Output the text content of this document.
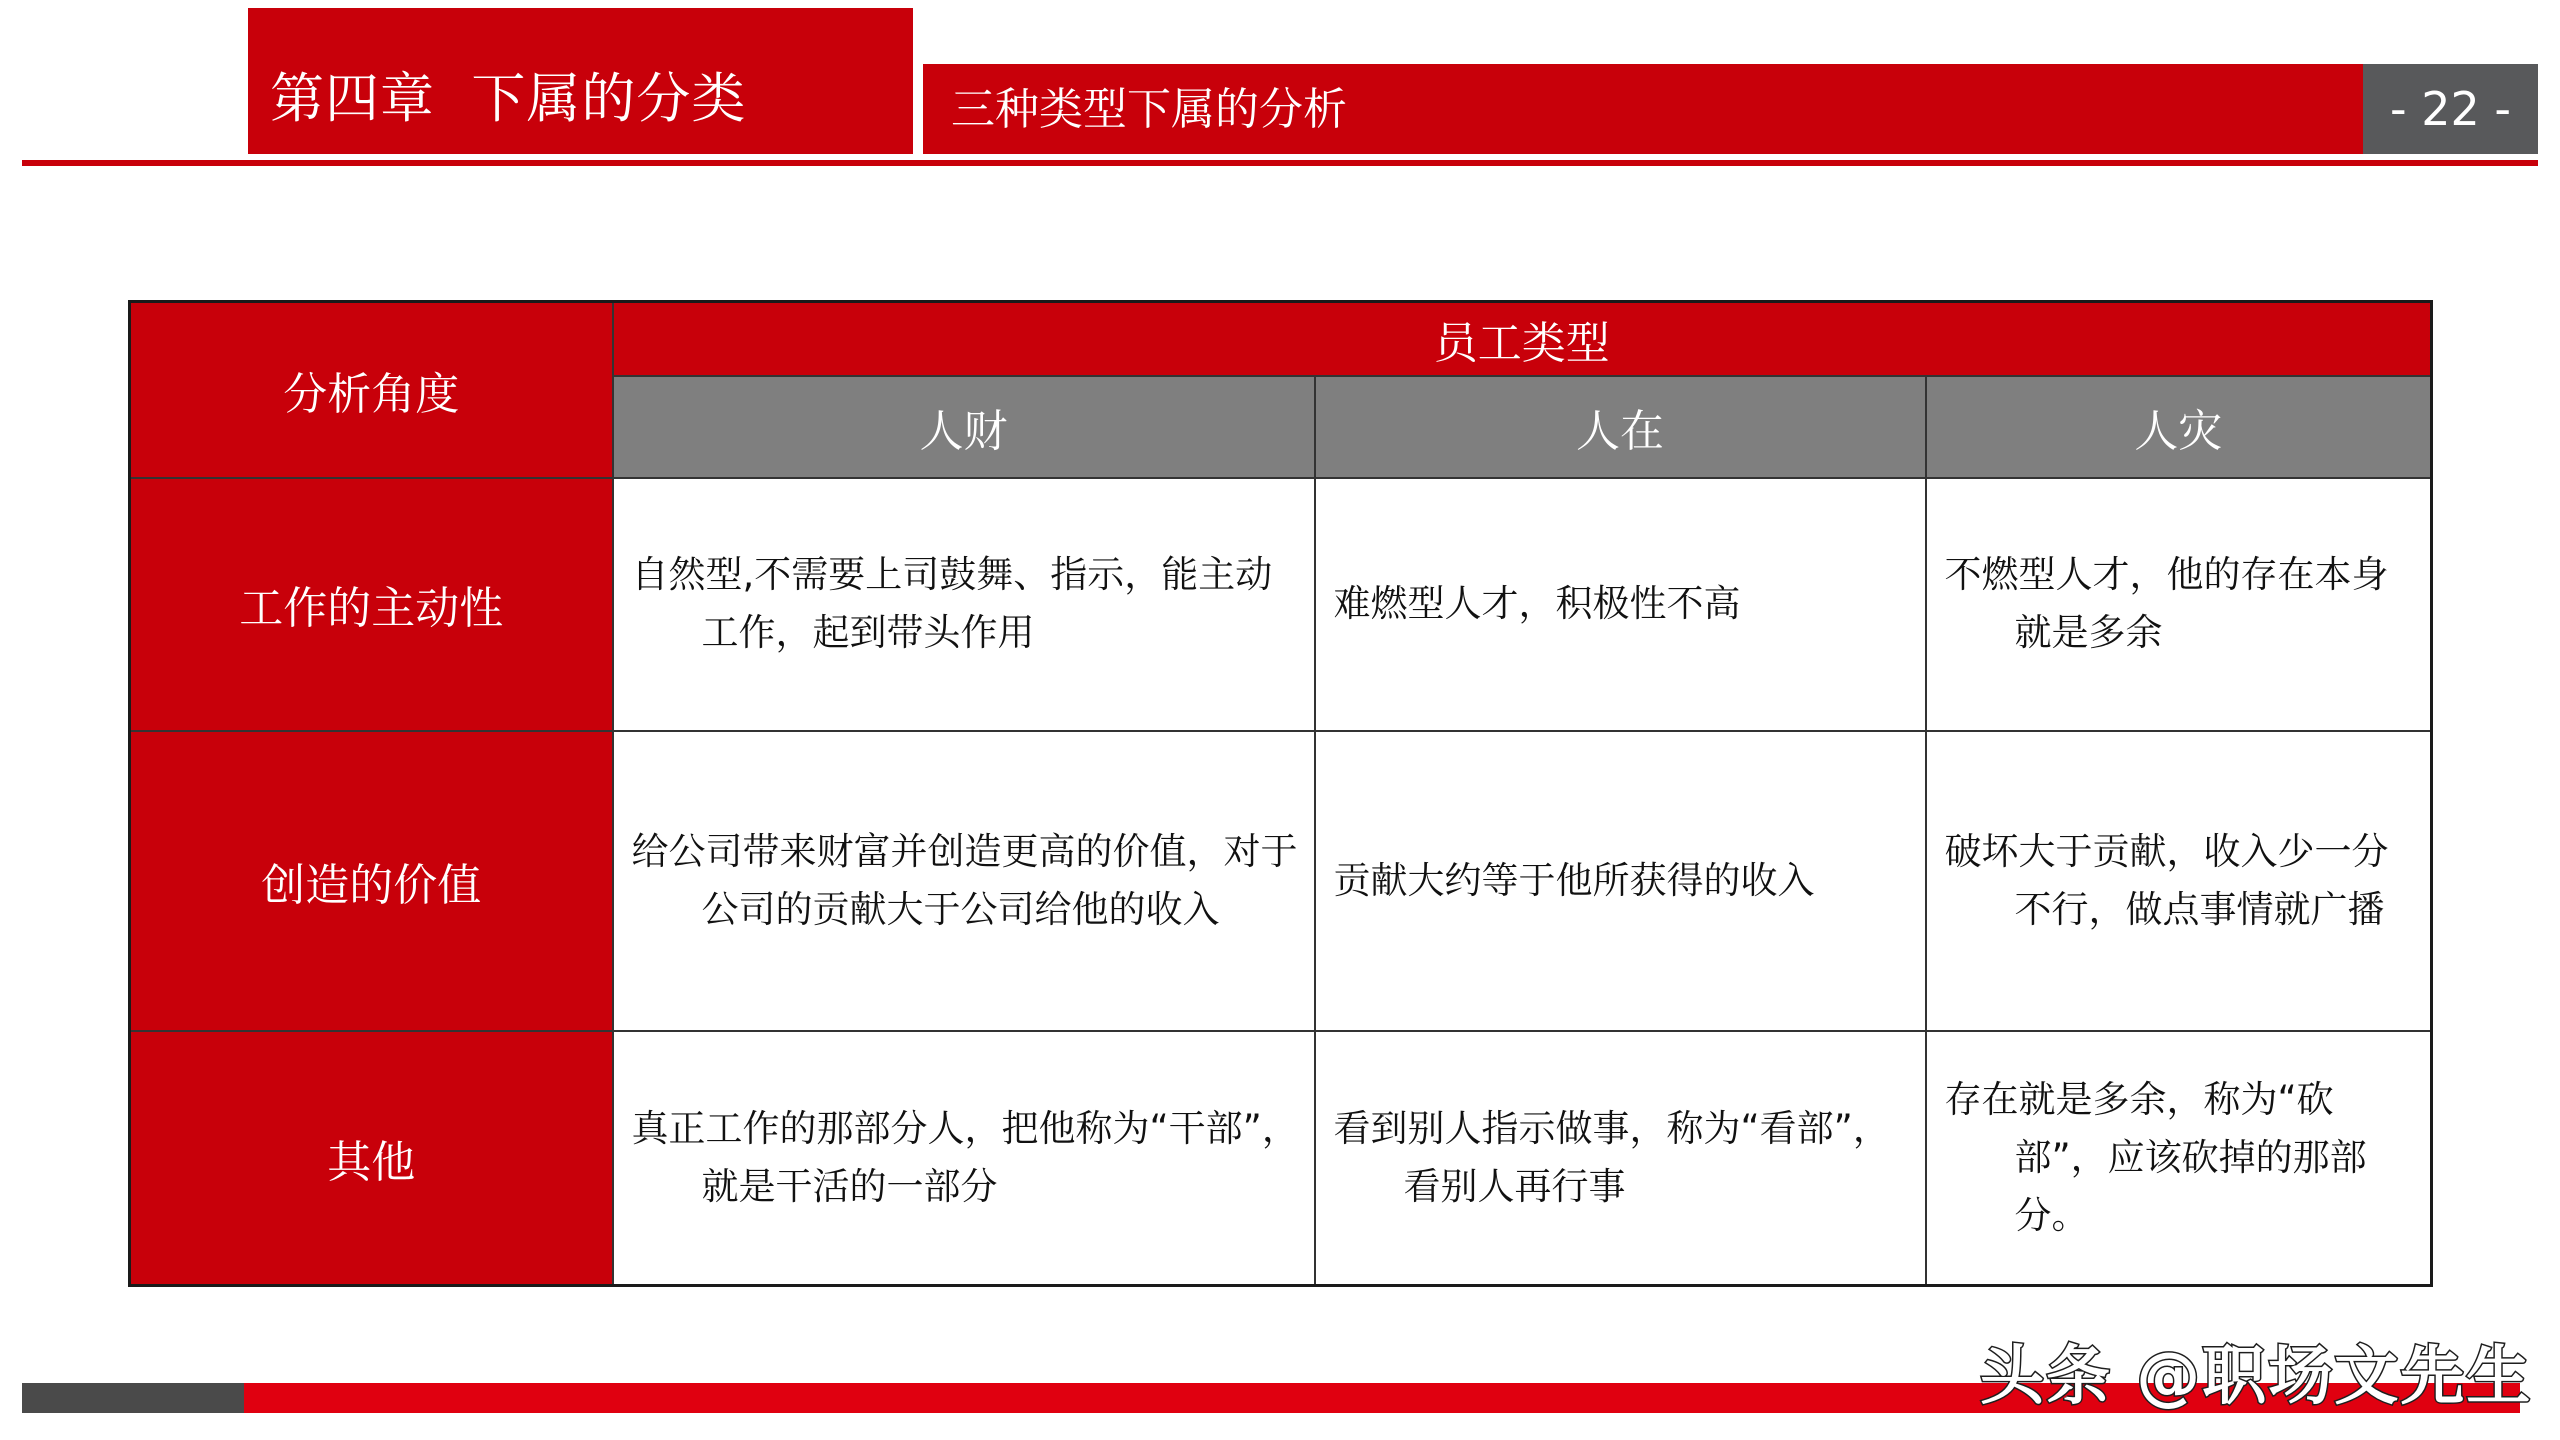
第四章  下属的分类	三种类型下属的分析	- 22 -
分析角度	员工类型		
	人财	人在	人灾
工作的主动性	自然型,不需要上司鼓舞、指示，能主动工作，起到带头作用	难燃型人才，积极性不高	不燃型人才，他的存在本身就是多余

创造的价值	给公司带来财富并创造更高的价值，对于公司的贡献大于公司给他的收入	贡献大约等于他所获得的收入	破坏大于贡献，收入少一分不行，做点事情就广播

其他	真正工作的那部分人，把他称为“干部”，就是干活的一部分	看到别人指示做事，称为“看部”，看别人再行事	存在就是多余，称为“砍部”，应该砍掉的那部分。
头条 @职场文先生
